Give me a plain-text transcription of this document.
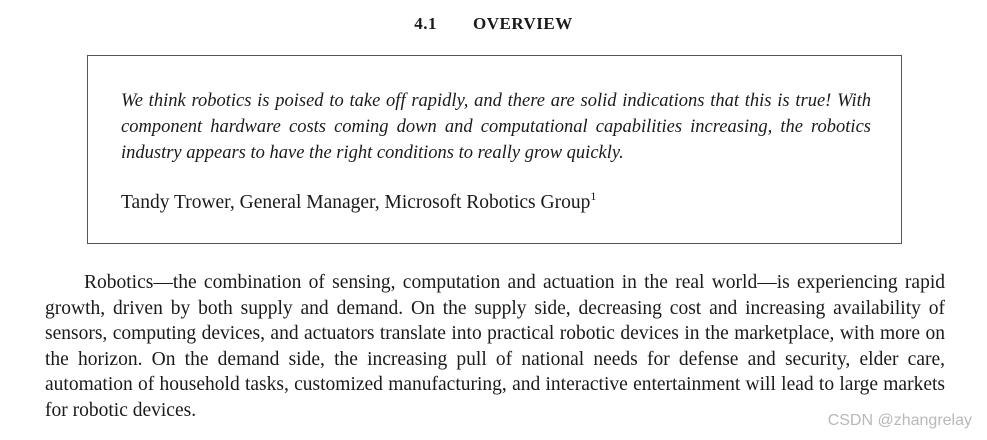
4.1 OVERVIEW
We think robotics is poised to take off rapidly, and there are solid indications that this is true! With component hardware costs coming down and computational capabilities increasing, the robotics industry appears to have the right conditions to really grow quickly.
Tandy Trower, General Manager, Microsoft Robotics Group$^1$
Robotics—the combination of sensing, computation and actuation in the real world—is experiencing rapid growth, driven by both supply and demand. On the supply side, decreasing cost and increasing availability of sensors, computing devices, and actuators translate into practical robotic devices in the marketplace, with more on the horizon. On the demand side, the increasing pull of national needs for defense and security, elder care, automation of household tasks, customized manufacturing, and interactive entertainment will lead to large markets for robotic devices.	CSDN @zhangrelay
